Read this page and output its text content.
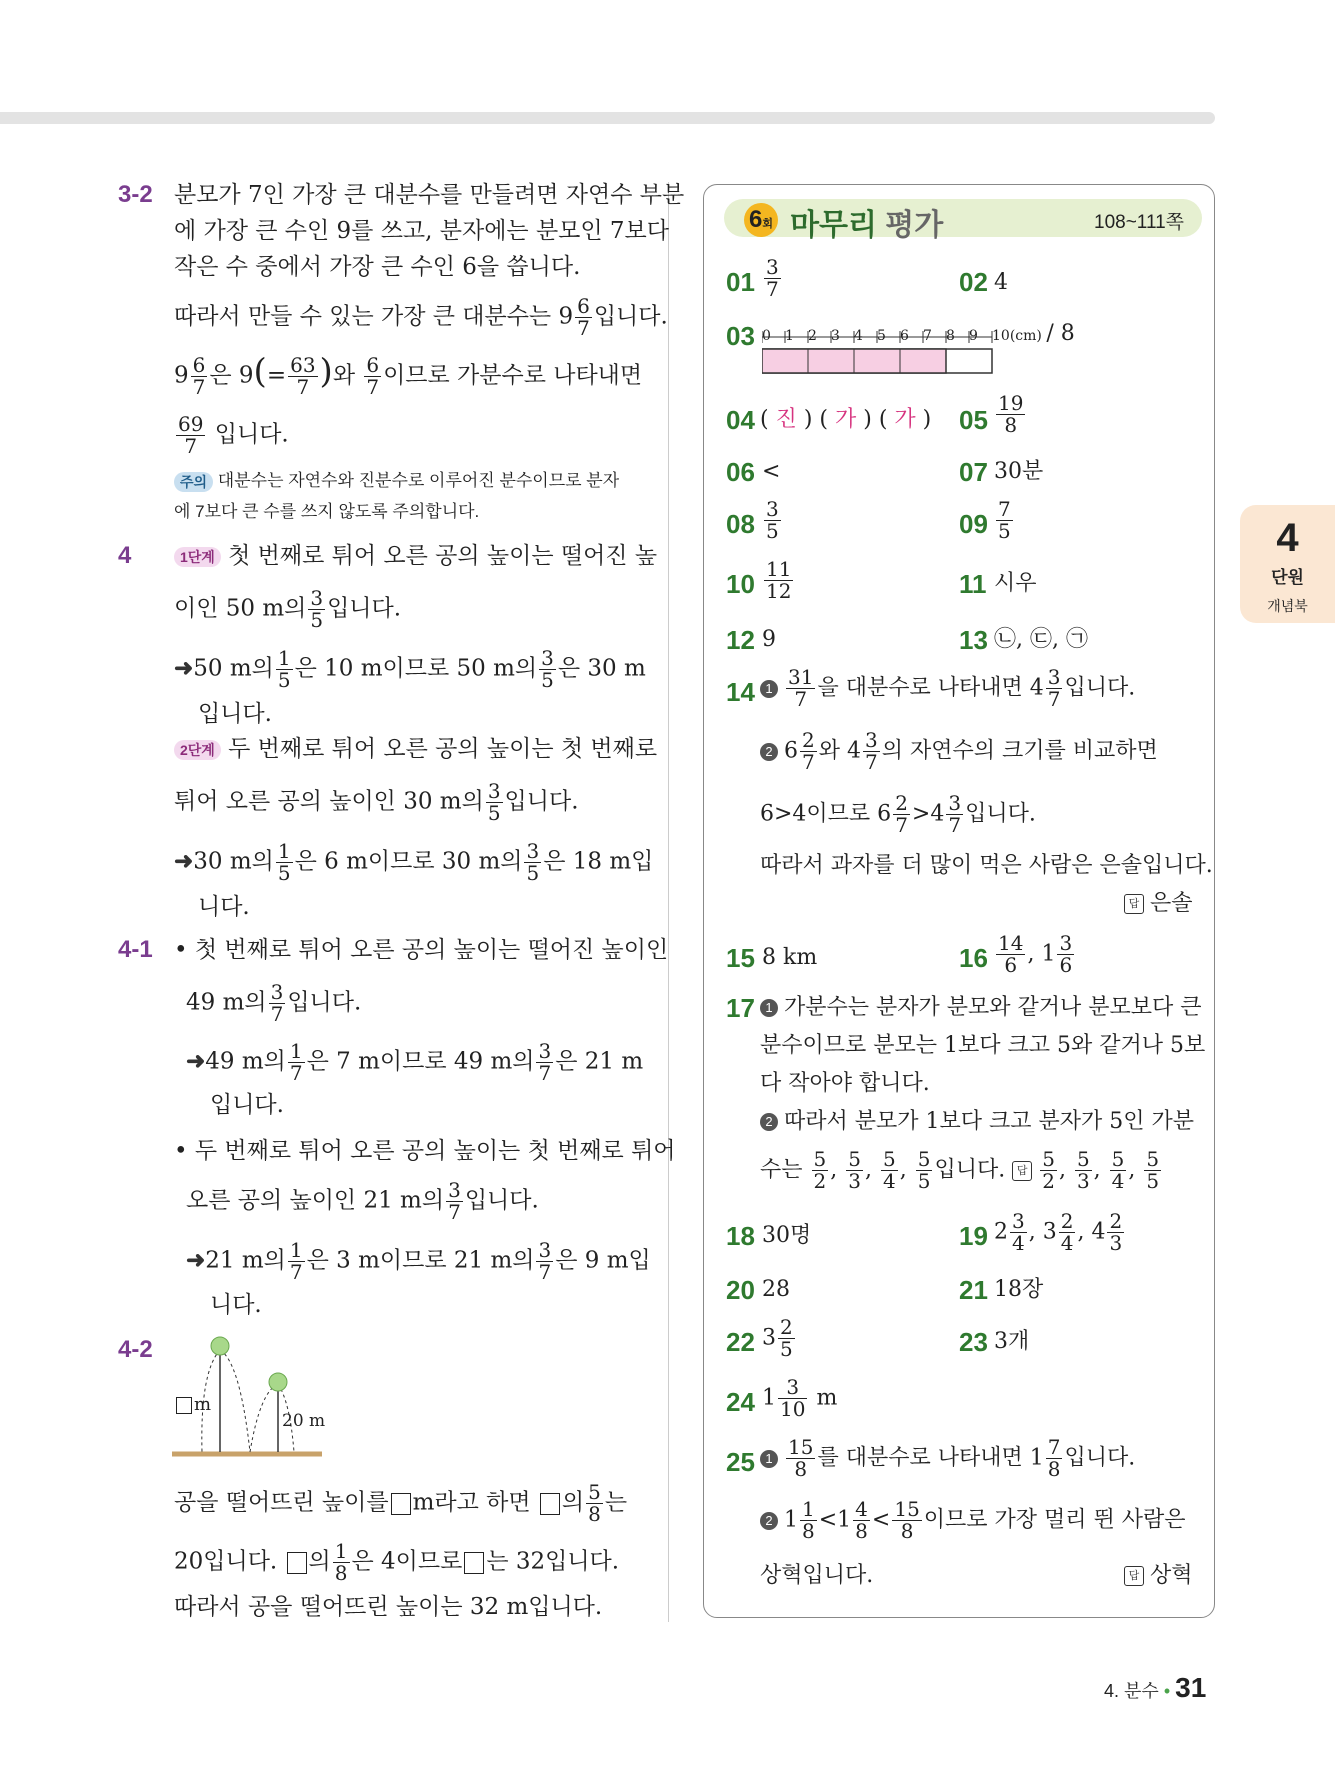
3-2 분모가 7인 가장 큰 대분수를 만들려면 자연수 부분
에 가장 큰 수인 9를 쓰고, 분자에는 분모인 7보다
작은 수 중에서 가장 큰 수인 6을 씁니다.
따라서 만들 수 있는 가장 큰 대분수는 $9 \frac{6}{7}$ 입니다.
$9 \frac{6}{7}$ 은 $9(= \frac{63}{7}$ )와 $\frac{6}{7}$ 이므로 가분수로 나타내면
$\frac{69}{7}$ 입니다.
주의 대분수는 자연수와 진분수로 이루어진 분수이므로 분자
에 7보다 큰 수를 쓰지 않도록 주의합니다.
4	1단계 첫 번째로 튀어 오른 공의 높이는 떨어진 높
이인 50 m의 $\frac{3}{5}$ 입니다.
➜50 m의 $\frac{1}{5}$ 은 10 m이므로 50 m의 $\frac{3}{5}$ 은 30 m
입니다.
2단계 두 번째로 튀어 오른 공의 높이는 첫 번째로
튀어 오른 공의 높이인 30 m의 $\frac{3}{5}$ 입니다.
➜30 m의 $\frac{1}{5}$ 은 6 m이므로 30 m의 $\frac{3}{5}$ 은 18 m입
니다.
4-1 • 첫 번째로 튀어 오른 공의 높이는 떨어진 높이인
49 m의 $\frac{3}{7}$ 입니다.
➜49 m의 $\frac{1}{7}$ 은 7 m이므로 49 m의 $\frac{3}{7}$ 은 21 m
입니다.
• 두 번째로 튀어 오른 공의 높이는 첫 번째로 튀어
오른 공의 높이인 21 m의 $\frac{3}{7}$ 입니다.
➜21 m의 $\frac{1}{7}$ 은 3 m이므로 21 m의 $\frac{3}{7}$ 은 9 m입
니다.
4-2
m
20 m
공을 떨어뜨린 높이를 m라고 하면 의 $\frac{5}{8}$ 는
20입니다. 의 $\frac{1}{8}$ 은 4이므로 는 32입니다.
따라서 공을 떨어뜨린 높이는 32 m입니다.
6회 마무리 평가	108~111쪽
$01 \frac{3}{7}$	02 4
03 0 1 2 3 4 5 6 7 8 9 10(cm) / 8
04 ( 진 ) ( 가 ) ( 가 ) $05 \frac{19}{8}$
06 <	07 30분
$08 \frac{3}{5}$	$09 \frac{7}{5}$
$10 \frac{11}{12}$	11 시우
12 9	13 ㉡, ㉢, ㉠
14 $1 \frac{31}{7}$ 을 대분수로 나타내면 $4 \frac{3}{7}$ 입니다.
2 $6 \frac{2}{7}$ 와 $4 \frac{3}{7}$ 의 자연수의 크기를 비교하면
6>4이므로 $6 \frac{2}{7} >4 \frac{3}{7}$ 입니다.
따라서 과자를 더 많이 먹은 사람은 은솔입니다.
답 은솔
15 8 km	$16 \frac{14}{6}$ , $1 \frac{3}{6}$
17 1 가분수는 분자가 분모와 같거나 분모보다 큰
분수이므로 분모는 1보다 크고 5와 같거나 5보
다 작아야 합니다.
2 따라서 분모가 1보다 크고 분자가 5인 가분
수는 $\frac{5}{2}$ , $\frac{5}{3}$ , $\frac{5}{4}$ , $\frac{5}{5}$ 입니다. 답 $\frac{5}{2}$ , $\frac{5}{3}$ , $\frac{5}{4}$ , $\frac{5}{5}$
18 30명	19 $2 \frac{3}{4}$ , $3 \frac{2}{4}$ , $4 \frac{2}{3}$
20 28	21 18장
22 $3 \frac{2}{5}$	23 3개
24 $1 \frac{3}{10}$ m
25 $1 \frac{15}{8}$ 를 대분수로 나타내면 $1 \frac{7}{8}$ 입니다.
2 $1 \frac{1}{8} <1 \frac{4}{8} < \frac{15}{8}$ 이므로 가장 멀리 뛴 사람은
상혁입니다.	답 상혁
4
단원
개념북
4. 분수 • 31
